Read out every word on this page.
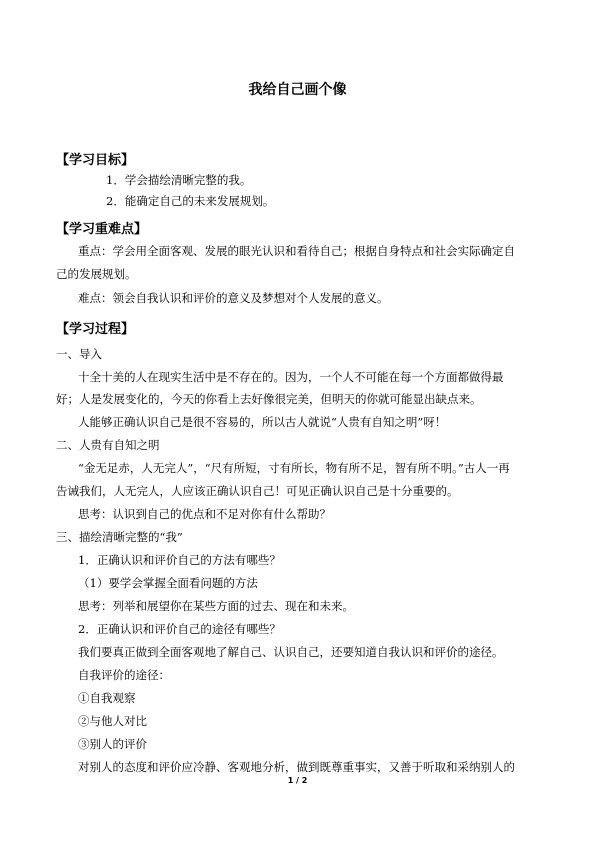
我给自己画个像
【学习目标】
1．学会描绘清晰完整的我。
2．能确定自己的未来发展规划。
【学习重难点】
重点：学会用全面客观、发展的眼光认识和看待自己；根据自身特点和社会实际确定自
己的发展规划。
难点：领会自我认识和评价的意义及梦想对个人发展的意义。
【学习过程】
一、导入
十全十美的人在现实生活中是不存在的。因为，一个人不可能在每一个方面都做得最
好；人是发展变化的，今天的你看上去好像很完美，但明天的你就可能显出缺点来。
人能够正确认识自己是很不容易的，所以古人就说“人贵有自知之明”呀！
二、人贵有自知之明
“金无足赤，人无完人”，“尺有所短，寸有所长，物有所不足，智有所不明。”古人一再
告诫我们，人无完人，人应该正确认识自己！可见正确认识自己是十分重要的。
思考：认识到自己的优点和不足对你有什么帮助？
三、描绘清晰完整的“我”
1．正确认识和评价自己的方法有哪些？
（1）要学会掌握全面看问题的方法
思考：列举和展望你在某些方面的过去、现在和未来。
2．正确认识和评价自己的途径有哪些？
我们要真正做到全面客观地了解自己、认识自己，还要知道自我认识和评价的途径。
自我评价的途径：
①自我观察
②与他人对比
③别人的评价
对别人的态度和评价应冷静、客观地分析，做到既尊重事实，又善于听取和采纳别人的
1 / 2
